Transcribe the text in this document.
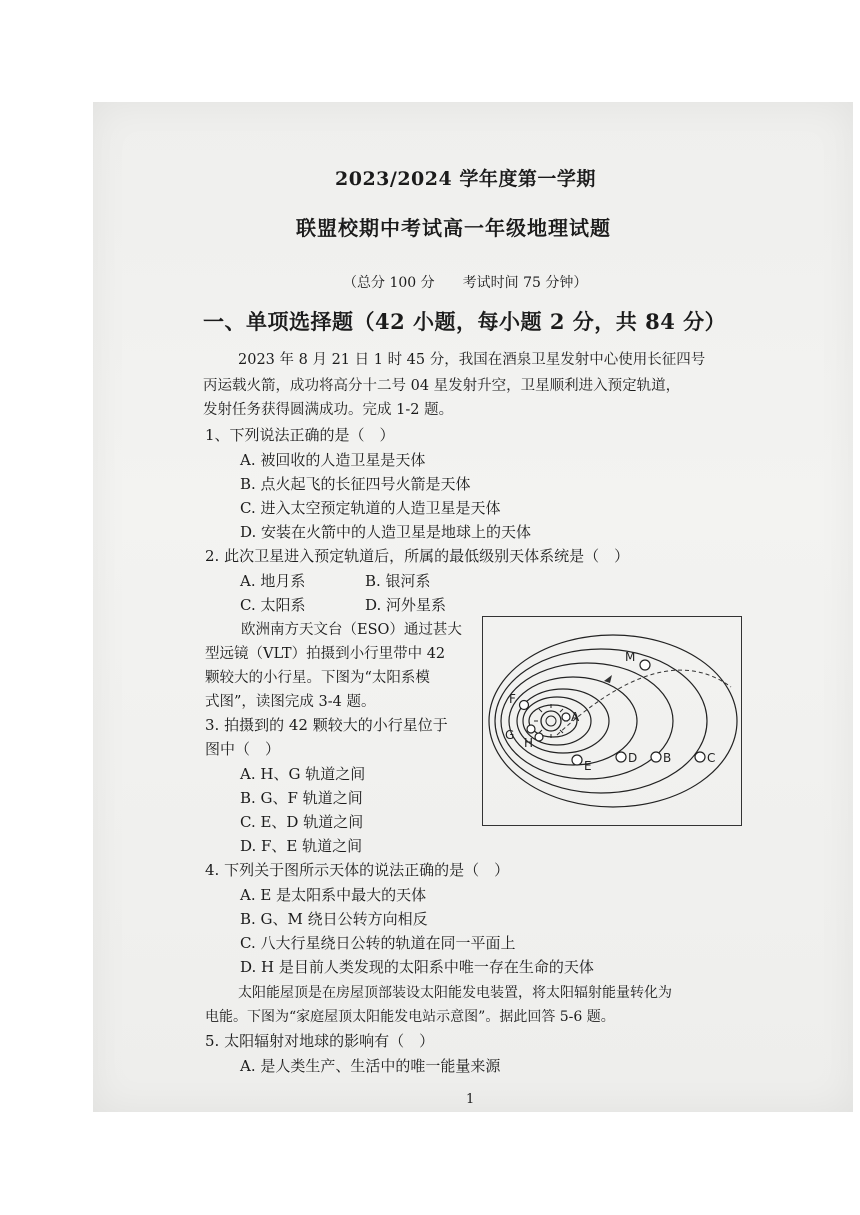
2023/2024 学年度第一学期
联盟校期中考试高一年级地理试题
（总分 100 分　　考试时间 75 分钟）
一、单项选择题（42 小题，每小题 2 分，共 84 分）
2023 年 8 月 21 日 1 时 45 分，我国在酒泉卫星发射中心使用长征四号
丙运载火箭，成功将高分十二号 04 星发射升空，卫星顺利进入预定轨道，
发射任务获得圆满成功。完成 1-2 题。
1、下列说法正确的是（　）
A. 被回收的人造卫星是天体
B. 点火起飞的长征四号火箭是天体
C. 进入太空预定轨道的人造卫星是天体
D. 安装在火箭中的人造卫星是地球上的天体
2. 此次卫星进入预定轨道后，所属的最低级别天体系统是（　）
A. 地月系	B. 银河系
C. 太阳系	D. 河外星系
欧洲南方天文台（ESO）通过甚大
型远镜（VLT）拍摄到小行里带中 42
颗较大的小行星。下图为“太阳系模
式图”，读图完成 3-4 题。
3. 拍摄到的 42 颗较大的小行星位于
图中（　）
A. H、G 轨道之间
B. G、F 轨道之间
C. E、D 轨道之间
D. F、E 轨道之间
4. 下列关于图所示天体的说法正确的是（　）
A. E 是太阳系中最大的天体
B. G、M 绕日公转方向相反
C. 八大行星绕日公转的轨道在同一平面上
D. H 是目前人类发现的太阳系中唯一存在生命的天体
太阳能屋顶是在房屋顶部装设太阳能发电装置，将太阳辐射能量转化为
电能。下图为“家庭屋顶太阳能发电站示意图”。据此回答 5-6 题。
5. 太阳辐射对地球的影响有（　）
A. 是人类生产、生活中的唯一能量来源
1
A
B	C
D
E
F
G
H
M
